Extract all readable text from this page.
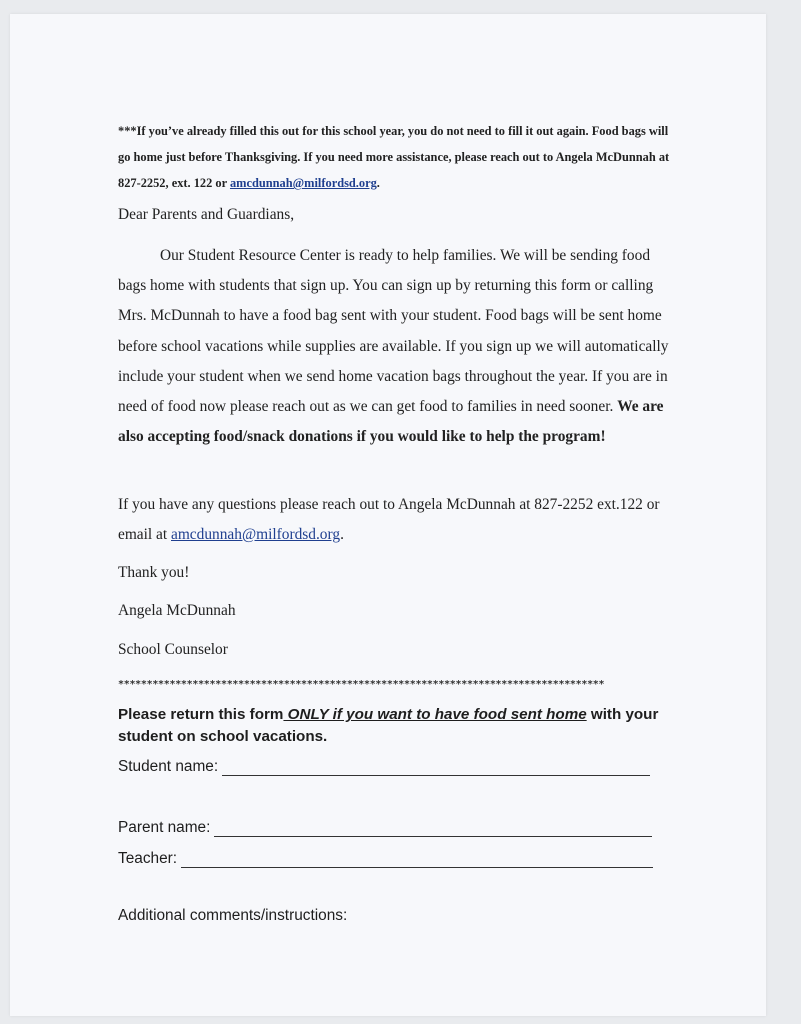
***If you’ve already filled this out for this school year, you do not need to fill it out again. Food bags will go home just before Thanksgiving. If you need more assistance, please reach out to Angela McDunnah at 827-2252, ext. 122 or amcdunnah@milfordsd.org.
Dear Parents and Guardians,
Our Student Resource Center is ready to help families. We will be sending food bags home with students that sign up. You can sign up by returning this form or calling Mrs. McDunnah to have a food bag sent with your student. Food bags will be sent home before school vacations while supplies are available. If you sign up we will automatically include your student when we send home vacation bags throughout the year. If you are in need of food now please reach out as we can get food to families in need sooner. We are also accepting food/snack donations if you would like to help the program!
If you have any questions please reach out to Angela McDunnah at 827-2252 ext.122 or email at amcdunnah@milfordsd.org.
Thank you!
Angela McDunnah
School Counselor
*************************************************************************************
Please return this form ONLY if you want to have food sent home with your student on school vacations.
Student name:
Parent name:
Teacher:
Additional comments/instructions:
